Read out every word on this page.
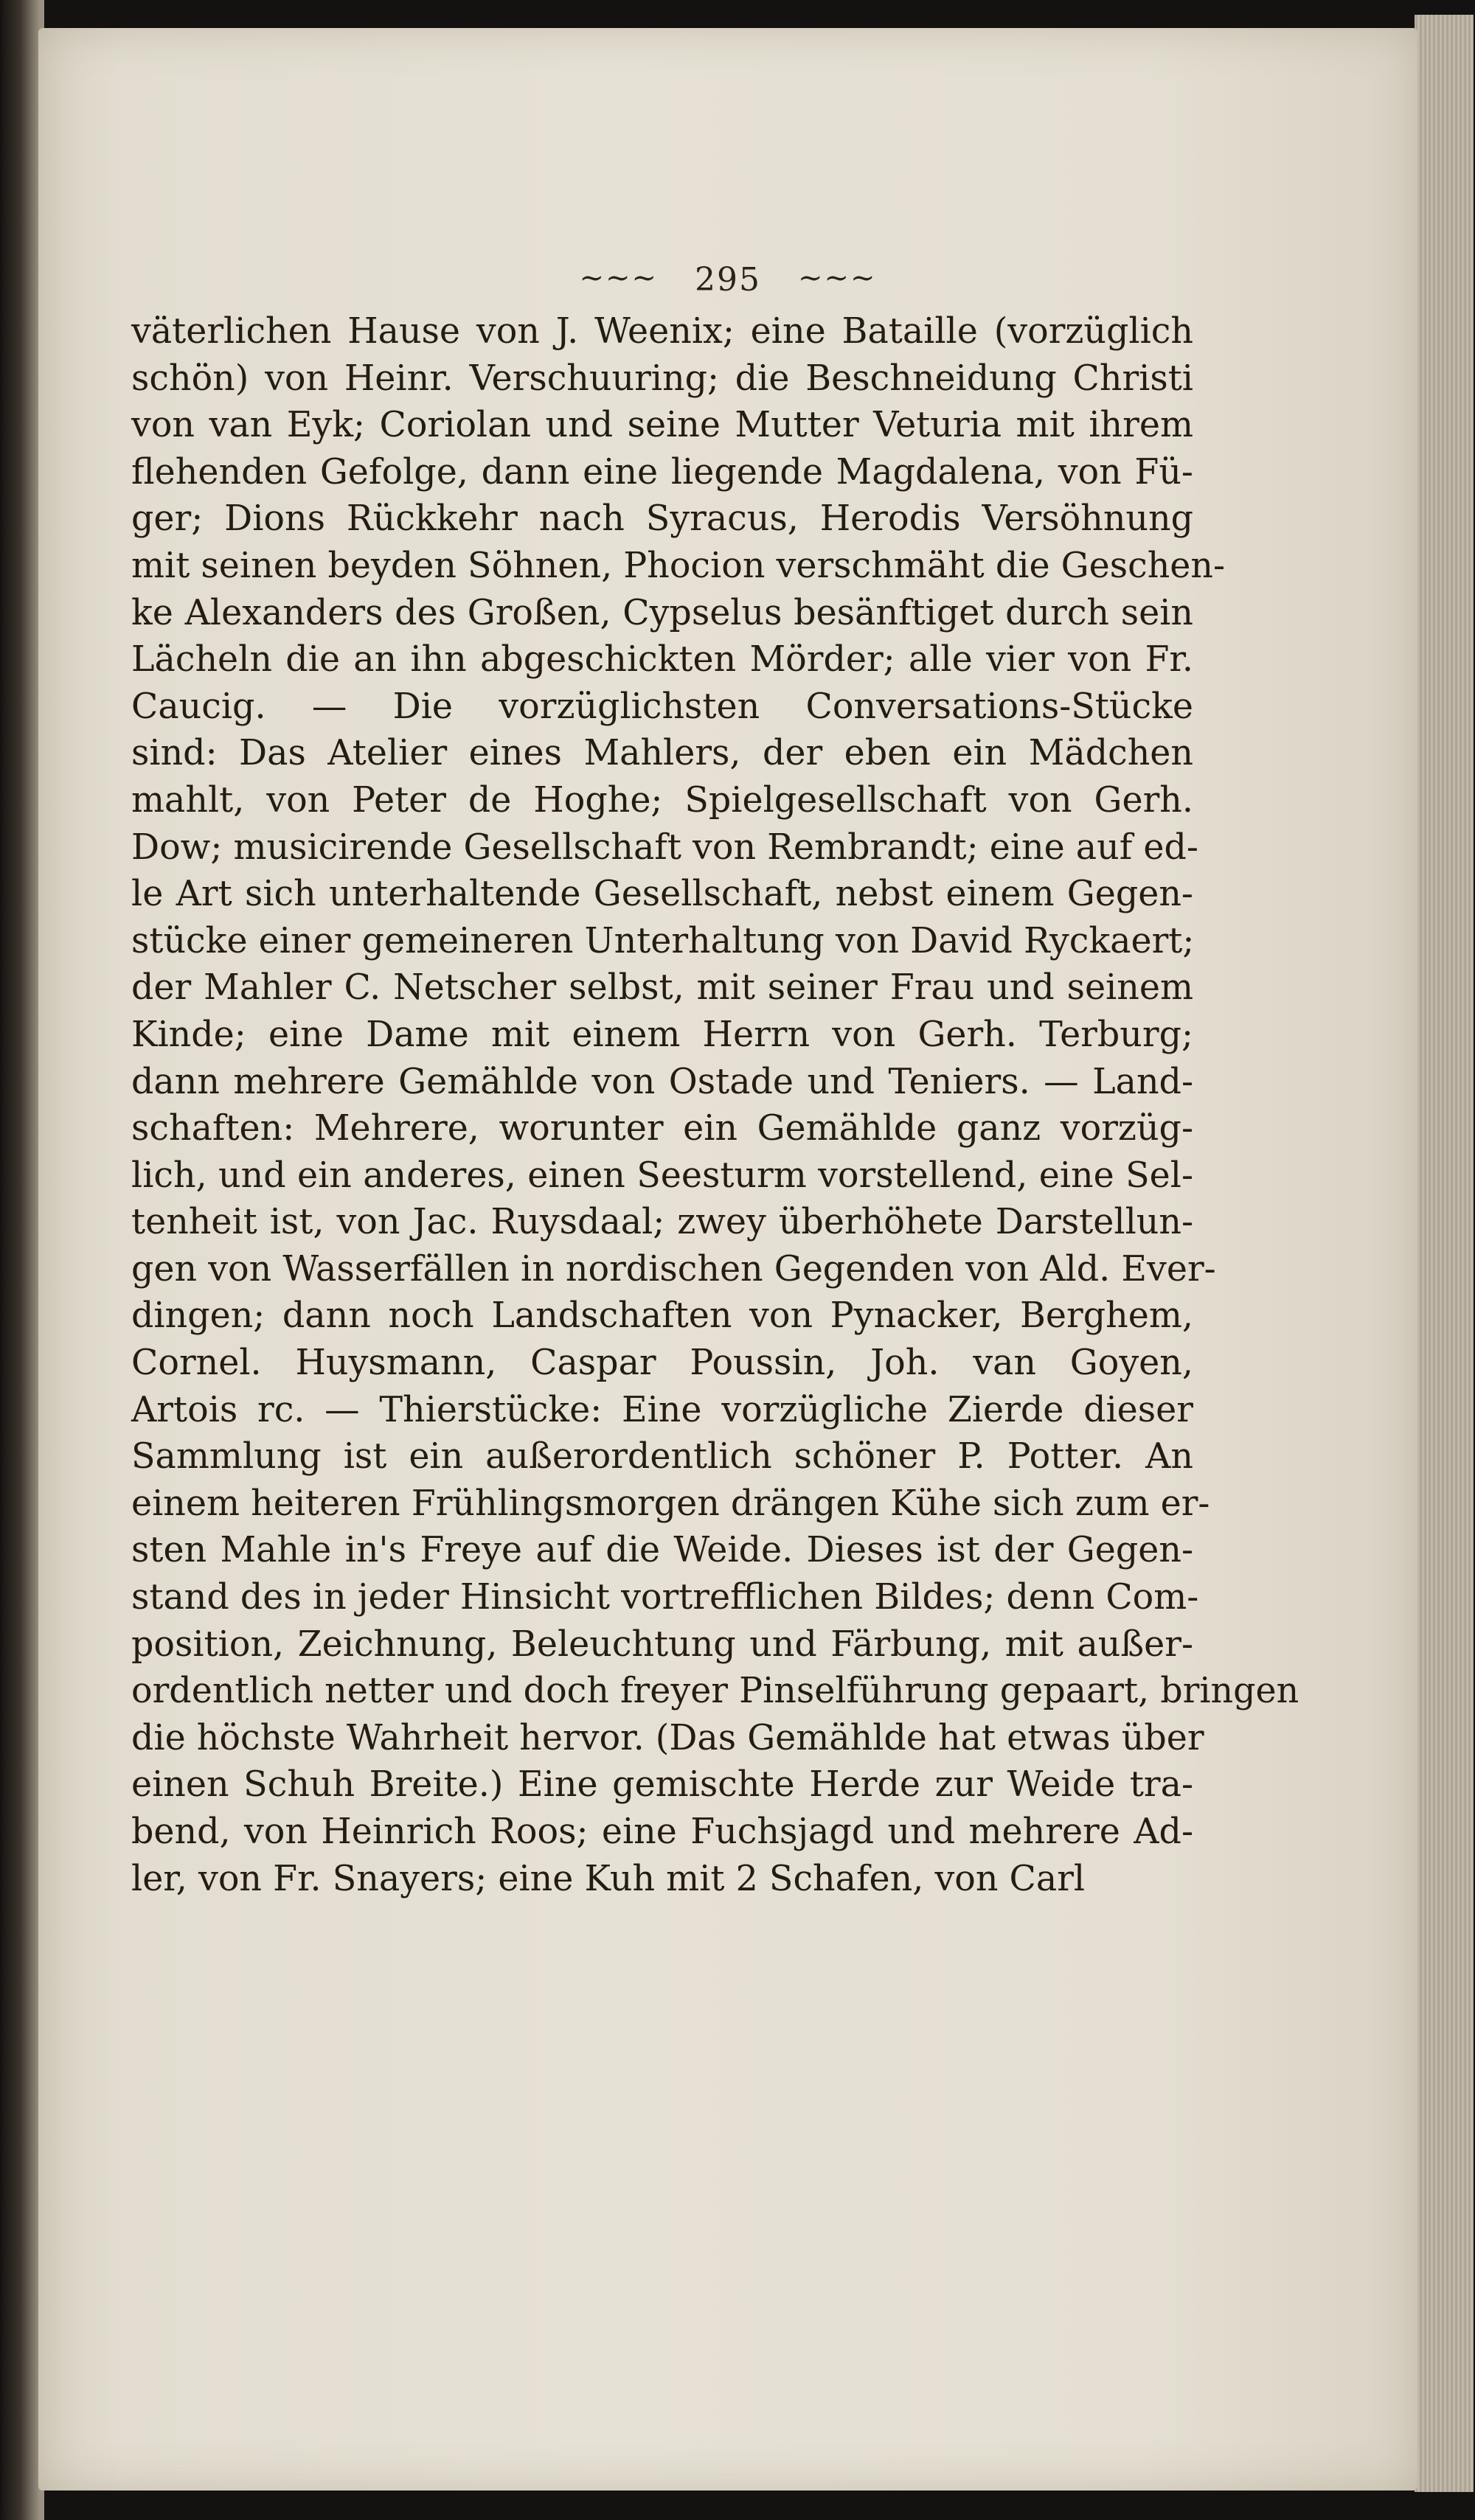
~~~ 295 ~~~
väterlichen Hause von J. Weenix; eine Bataille (vorzüglich
schön) von Heinr. Verschuuring; die Beschneidung Christi
von van Eyk; Coriolan und seine Mutter Veturia mit ihrem
flehenden Gefolge, dann eine liegende Magdalena, von Fü-
ger; Dions Rückkehr nach Syracus, Herodis Versöhnung
mit seinen beyden Söhnen, Phocion verschmäht die Geschen-
ke Alexanders des Großen, Cypselus besänftiget durch sein
Lächeln die an ihn abgeschickten Mörder; alle vier von Fr.
Caucig. — Die vorzüglichsten Conversations-Stücke
sind: Das Atelier eines Mahlers, der eben ein Mädchen
mahlt, von Peter de Hoghe; Spielgesellschaft von Gerh.
Dow; musicirende Gesellschaft von Rembrandt; eine auf ed-
le Art sich unterhaltende Gesellschaft, nebst einem Gegen-
stücke einer gemeineren Unterhaltung von David Ryckaert;
der Mahler C. Netscher selbst, mit seiner Frau und seinem
Kinde; eine Dame mit einem Herrn von Gerh. Terburg;
dann mehrere Gemählde von Ostade und Teniers. — Land-
schaften: Mehrere, worunter ein Gemählde ganz vorzüg-
lich, und ein anderes, einen Seesturm vorstellend, eine Sel-
tenheit ist, von Jac. Ruysdaal; zwey überhöhete Darstellun-
gen von Wasserfällen in nordischen Gegenden von Ald. Ever-
dingen; dann noch Landschaften von Pynacker, Berghem,
Cornel. Huysmann, Caspar Poussin, Joh. van Goyen,
Artois rc. — Thierstücke: Eine vorzügliche Zierde dieser
Sammlung ist ein außerordentlich schöner P. Potter. An
einem heiteren Frühlingsmorgen drängen Kühe sich zum er-
sten Mahle in's Freye auf die Weide. Dieses ist der Gegen-
stand des in jeder Hinsicht vortrefflichen Bildes; denn Com-
position, Zeichnung, Beleuchtung und Färbung, mit außer-
ordentlich netter und doch freyer Pinselführung gepaart, bringen
die höchste Wahrheit hervor. (Das Gemählde hat etwas über
einen Schuh Breite.) Eine gemischte Herde zur Weide tra-
bend, von Heinrich Roos; eine Fuchsjagd und mehrere Ad-
ler, von Fr. Snayers; eine Kuh mit 2 Schafen, von Carl
